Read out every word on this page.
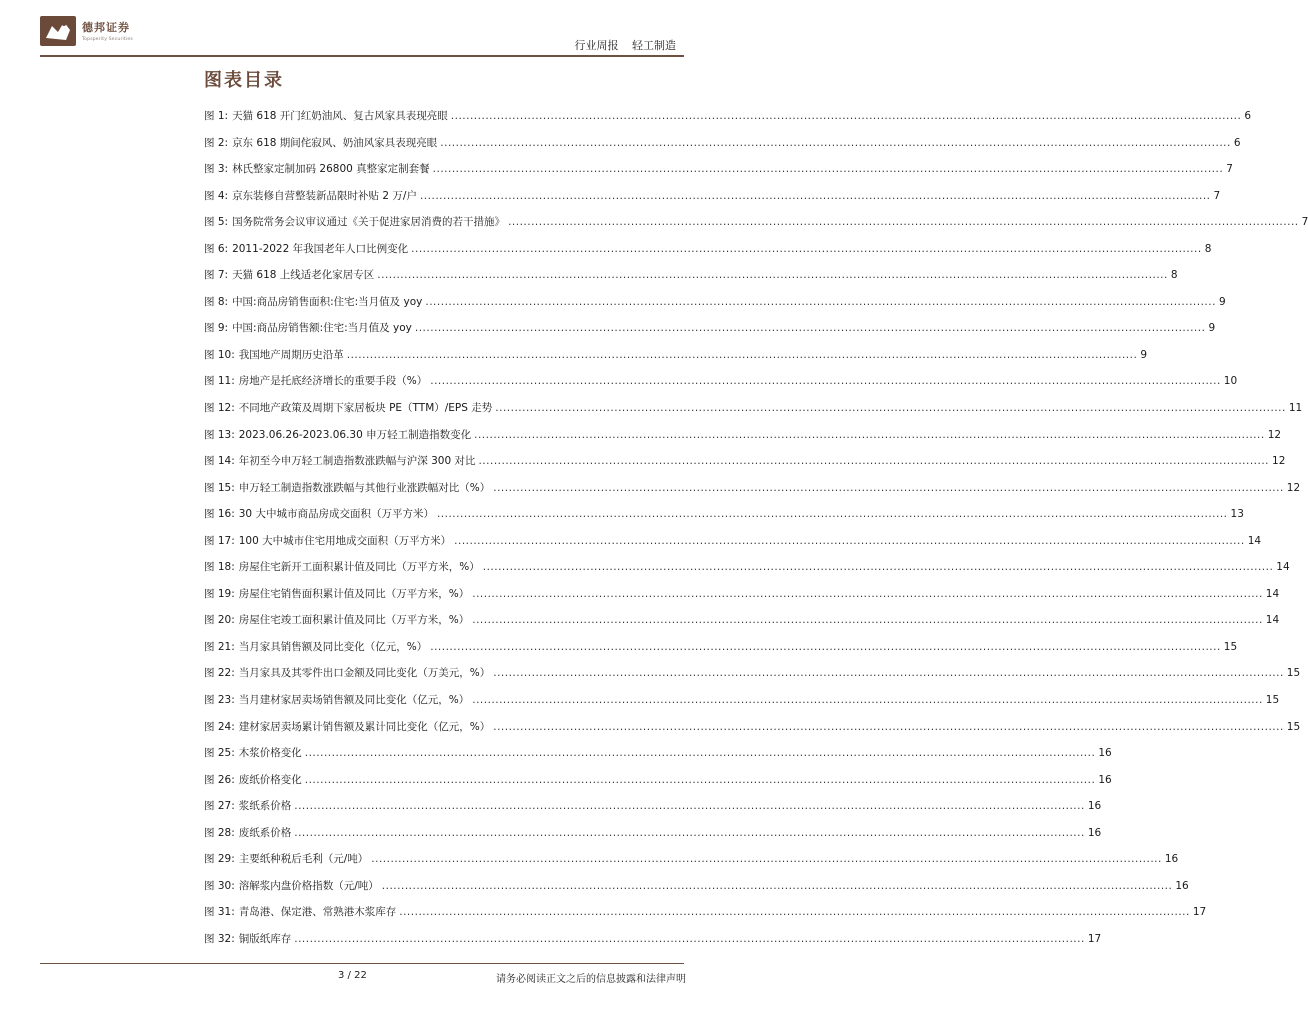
德邦证券
Topsperity Securities	行业周报 轻工制造
图表目录
图 1: 天猫 618 开门红奶油风、复古风家具表现亮眼 .............................................................................................................................................................................................................. 6
图 2: 京东 618 期间侘寂风、奶油风家具表现亮眼 .............................................................................................................................................................................................................. 6
图 3: 林氏整家定制加码 26800 真整家定制套餐 .............................................................................................................................................................................................................. 7
图 4: 京东装修自营整装新品限时补贴 2 万/户 .............................................................................................................................................................................................................. 7
图 5: 国务院常务会议审议通过《关于促进家居消费的若干措施》 .............................................................................................................................................................................................................. 7
图 6: 2011-2022 年我国老年人口比例变化 .............................................................................................................................................................................................................. 8
图 7: 天猫 618 上线适老化家居专区 .............................................................................................................................................................................................................. 8
图 8: 中国:商品房销售面积:住宅:当月值及 yoy .............................................................................................................................................................................................................. 9
图 9: 中国:商品房销售额:住宅:当月值及 yoy .............................................................................................................................................................................................................. 9
图 10: 我国地产周期历史沿革 .............................................................................................................................................................................................................. 9
图 11: 房地产是托底经济增长的重要手段（%） .............................................................................................................................................................................................................. 10
图 12: 不同地产政策及周期下家居板块 PE（TTM）/EPS 走势 .............................................................................................................................................................................................................. 11
图 13: 2023.06.26-2023.06.30 申万轻工制造指数变化 .............................................................................................................................................................................................................. 12
图 14: 年初至今申万轻工制造指数涨跌幅与沪深 300 对比 .............................................................................................................................................................................................................. 12
图 15: 申万轻工制造指数涨跌幅与其他行业涨跌幅对比（%） .............................................................................................................................................................................................................. 12
图 16: 30 大中城市商品房成交面积（万平方米） .............................................................................................................................................................................................................. 13
图 17: 100 大中城市住宅用地成交面积（万平方米） .............................................................................................................................................................................................................. 14
图 18: 房屋住宅新开工面积累计值及同比（万平方米，%） .............................................................................................................................................................................................................. 14
图 19: 房屋住宅销售面积累计值及同比（万平方米，%） .............................................................................................................................................................................................................. 14
图 20: 房屋住宅竣工面积累计值及同比（万平方米，%） .............................................................................................................................................................................................................. 14
图 21: 当月家具销售额及同比变化（亿元，%） .............................................................................................................................................................................................................. 15
图 22: 当月家具及其零件出口金额及同比变化（万美元，%） .............................................................................................................................................................................................................. 15
图 23: 当月建材家居卖场销售额及同比变化（亿元，%） .............................................................................................................................................................................................................. 15
图 24: 建材家居卖场累计销售额及累计同比变化（亿元，%） .............................................................................................................................................................................................................. 15
图 25: 木浆价格变化 .............................................................................................................................................................................................................. 16
图 26: 废纸价格变化 .............................................................................................................................................................................................................. 16
图 27: 浆纸系价格 .............................................................................................................................................................................................................. 16
图 28: 废纸系价格 .............................................................................................................................................................................................................. 16
图 29: 主要纸种税后毛利（元/吨） .............................................................................................................................................................................................................. 16
图 30: 溶解浆内盘价格指数（元/吨） .............................................................................................................................................................................................................. 16
图 31: 青岛港、保定港、常熟港木浆库存 .............................................................................................................................................................................................................. 17
图 32: 铜版纸库存 .............................................................................................................................................................................................................. 17
3 / 22	请务必阅读正文之后的信息披露和法律声明
